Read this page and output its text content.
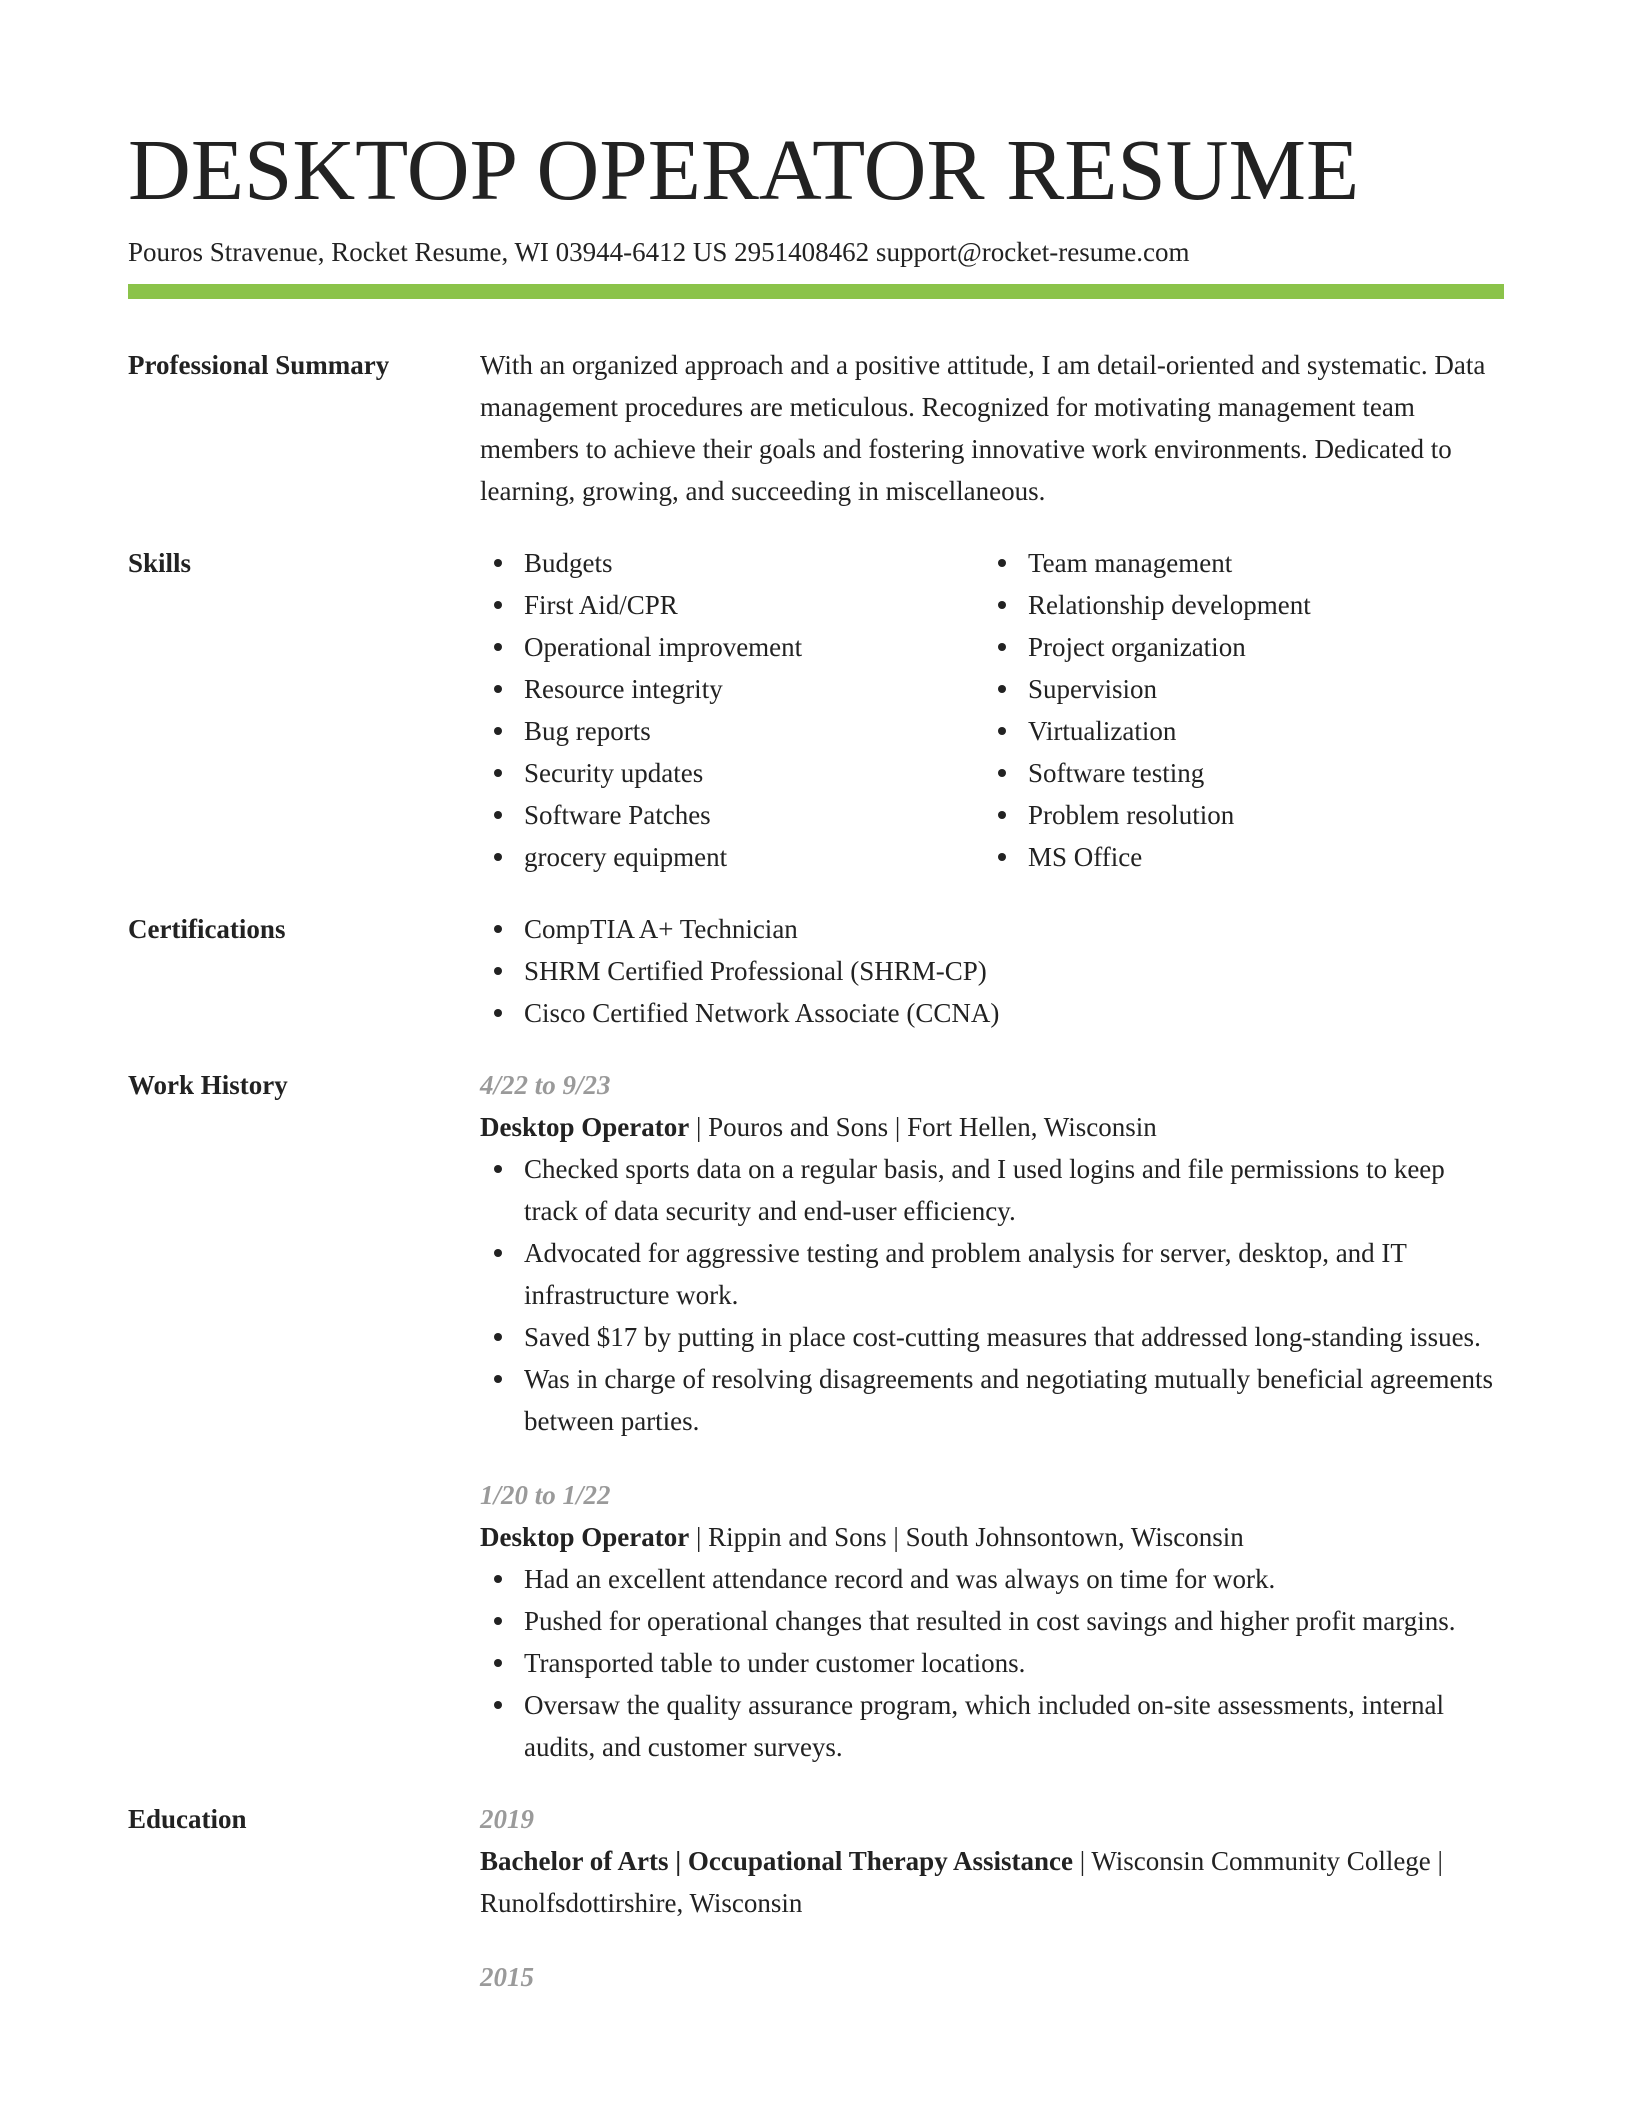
DESKTOP OPERATOR RESUME
Pouros Stravenue, Rocket Resume, WI 03944-6412 US 2951408462 support@rocket-resume.com
Professional Summary	With an organized approach and a positive attitude, I am detail-oriented and systematic. Data management procedures are meticulous. Recognized for motivating management team members to achieve their goals and fostering innovative work environments. Dedicated to learning, growing, and succeeding in miscellaneous.
Skills	Budgets
First Aid/CPR
Operational improvement
Resource integrity
Bug reports
Security updates
Software Patches
grocery equipment
Team management
Relationship development
Project organization
Supervision
Virtualization
Software testing
Problem resolution
MS Office
Certifications	CompTIA A+ Technician
SHRM Certified Professional (SHRM-CP)
Cisco Certified Network Associate (CCNA)
Work History	4/22 to 9/23
Desktop Operator | Pouros and Sons | Fort Hellen, Wisconsin
Checked sports data on a regular basis, and I used logins and file permissions to keep track of data security and end-user efficiency.
Advocated for aggressive testing and problem analysis for server, desktop, and IT infrastructure work.
Saved $17 by putting in place cost-cutting measures that addressed long-standing issues.
Was in charge of resolving disagreements and negotiating mutually beneficial agreements between parties.
1/20 to 1/22
Desktop Operator | Rippin and Sons | South Johnsontown, Wisconsin
Had an excellent attendance record and was always on time for work.
Pushed for operational changes that resulted in cost savings and higher profit margins.
Transported table to under customer locations.
Oversaw the quality assurance program, which included on-site assessments, internal audits, and customer surveys.
Education	2019
Bachelor of Arts | Occupational Therapy Assistance | Wisconsin Community College | Runolfsdottirshire, Wisconsin
2015
